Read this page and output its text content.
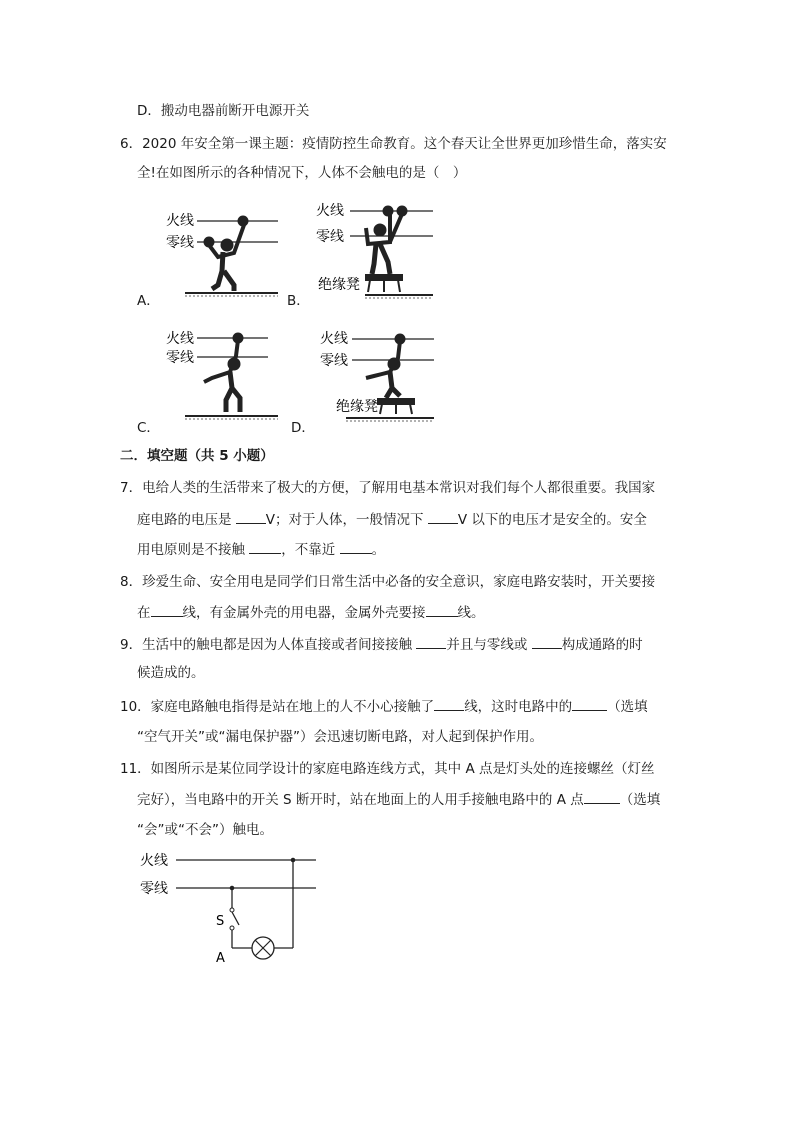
D．搬动电器前断开电源开关
6．2020 年安全第一课主题：疫情防控生命教育。这个春天让全世界更加珍惜生命，落实安
全!在如图所示的各种情况下，人体不会触电的是（　）
A．	B．
C．	D．
火线
零线
火线
零线
绝缘凳
火线
零线
火线
零线
绝缘凳
二．填空题（共 5 小题）
7．电给人类的生活带来了极大的方便，了解用电基本常识对我们每个人都很重要。我国家
庭电路的电压是 V；对于人体，一般情况下 V 以下的电压才是安全的。安全
用电原则是不接触 ，不靠近 。
8．珍爱生命、安全用电是同学们日常生活中必备的安全意识，家庭电路安装时，开关要接
在 线，有金属外壳的用电器，金属外壳要接 线。
9．生活中的触电都是因为人体直接或者间接接触 并且与零线或 构成通路的时
候造成的。
10．家庭电路触电指得是站在地上的人不小心接触了 线，这时电路中的	（选填
“空气开关”或“漏电保护器”）会迅速切断电路，对人起到保护作用。
11．如图所示是某位同学设计的家庭电路连线方式，其中 A 点是灯头处的连接螺丝（灯丝
完好），当电路中的开关 S 断开时，站在地面上的人用手接触电路中的 A 点	（选填
“会”或“不会”）触电。
火线
零线
S
A
